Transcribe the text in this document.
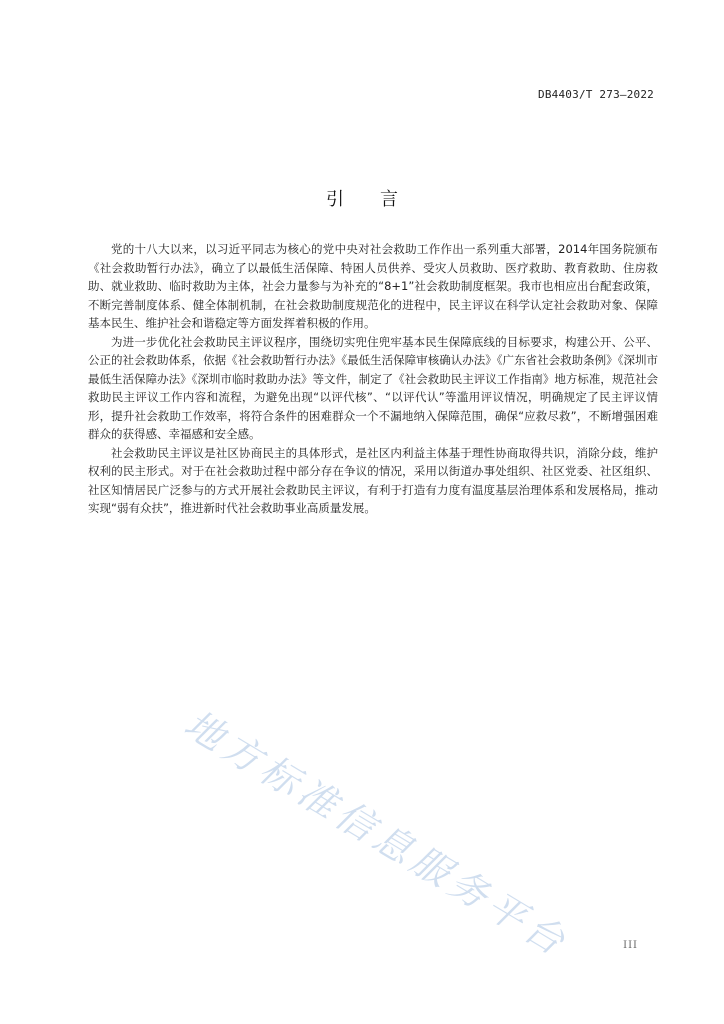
DB4403/T 273—2022
引言

党的十八大以来，以习近平同志为核心的党中央对社会救助工作作出一系列重大部署，2014年国务院颁布《社会救助暂行办法》，确立了以最低生活保障、特困人员供养、受灾人员救助、医疗救助、教育救助、住房救助、就业救助、临时救助为主体，社会力量参与为补充的“8+1”社会救助制度框架。我市也相应出台配套政策，不断完善制度体系、健全体制机制，在社会救助制度规范化的进程中，民主评议在科学认定社会救助对象、保障基本民生、维护社会和谐稳定等方面发挥着积极的作用。

为进一步优化社会救助民主评议程序，围绕切实兜住兜牢基本民生保障底线的目标要求，构建公开、公平、公正的社会救助体系，依据《社会救助暂行办法》《最低生活保障审核确认办法》《广东省社会救助条例》《深圳市最低生活保障办法》《深圳市临时救助办法》等文件，制定了《社会救助民主评议工作指南》地方标准，规范社会救助民主评议工作内容和流程，为避免出现“以评代核”、“以评代认”等滥用评议情况，明确规定了民主评议情形，提升社会救助工作效率，将符合条件的困难群众一个不漏地纳入保障范围，确保“应救尽救”，不断增强困难群众的获得感、幸福感和安全感。

社会救助民主评议是社区协商民主的具体形式，是社区内利益主体基于理性协商取得共识，消除分歧，维护权利的民主形式。对于在社会救助过程中部分存在争议的情况，采用以街道办事处组织、社区党委、社区组织、社区知情居民广泛参与的方式开展社会救助民主评议，有利于打造有力度有温度基层治理体系和发展格局，推动实现“弱有众扶”，推进新时代社会救助事业高质量发展。

地方标准信息服务平台	III
